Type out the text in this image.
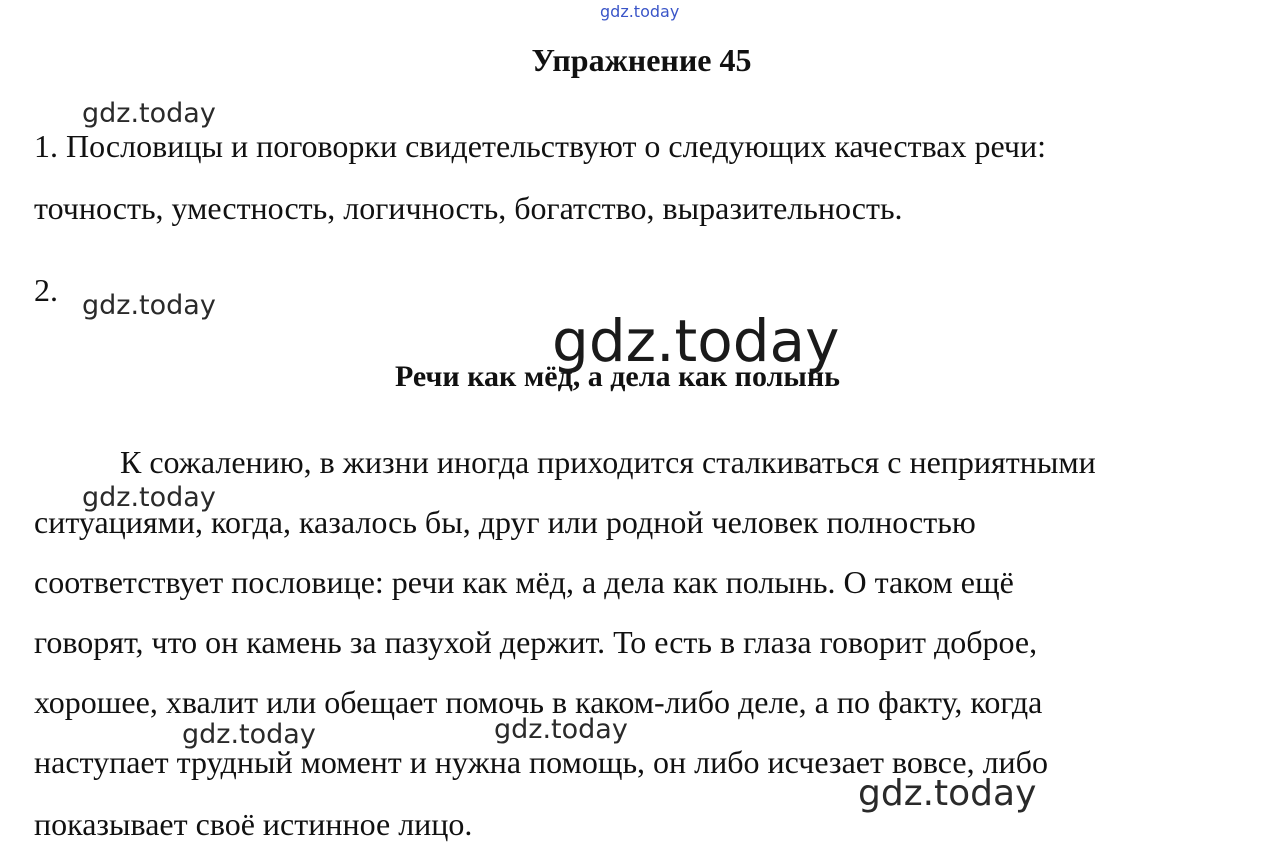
gdz.today
Упражнение 45
gdz.today
1. Пословицы и поговорки свидетельствуют о следующих качествах речи:
точность, уместность, логичность, богатство, выразительность.
2. gdz.today
gdz.today
Речи как мёд, а дела как полынь
К сожалению, в жизни иногда приходится сталкиваться с неприятными
gdz.today
ситуациями, когда, казалось бы, друг или родной человек полностью
соответствует пословице: речи как мёд, а дела как полынь. О таком ещё
говорят, что он камень за пазухой держит. То есть в глаза говорит доброе,
хорошее, хвалит или обещает помочь в каком-либо деле, а по факту, когда
gdz.today	gdz.today
наступает трудный момент и нужна помощь, он либо исчезает вовсе, либо
gdz.today
показывает своё истинное лицо.
